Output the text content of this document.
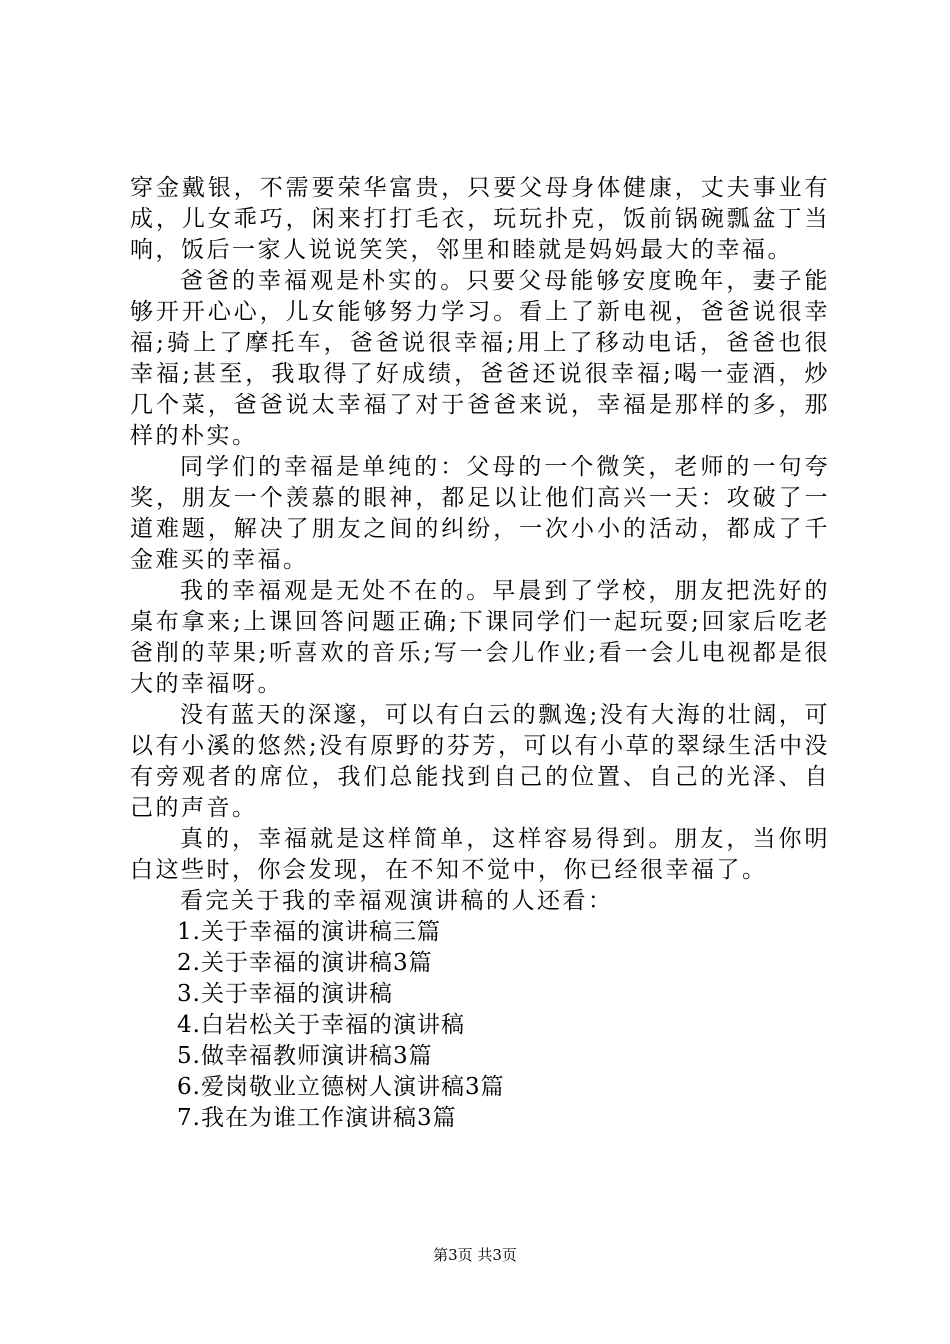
穿金戴银，不需要荣华富贵，只要父母身体健康，丈夫事业有成，儿女乖巧，闲来打打毛衣，玩玩扑克，饭前锅碗瓢盆丁当响，饭后一家人说说笑笑，邻里和睦就是妈妈最大的幸福。

爸爸的幸福观是朴实的。只要父母能够安度晚年，妻子能够开开心心，儿女能够努力学习。看上了新电视，爸爸说很幸福;骑上了摩托车，爸爸说很幸福;用上了移动电话，爸爸也很幸福;甚至，我取得了好成绩，爸爸还说很幸福;喝一壶酒，炒几个菜，爸爸说太幸福了对于爸爸来说，幸福是那样的多，那样的朴实。

同学们的幸福是单纯的：父母的一个微笑，老师的一句夸奖，朋友一个羡慕的眼神，都足以让他们高兴一天：攻破了一道难题，解决了朋友之间的纠纷，一次小小的活动，都成了千金难买的幸福。

我的幸福观是无处不在的。早晨到了学校，朋友把洗好的桌布拿来;上课回答问题正确;下课同学们一起玩耍;回家后吃老爸削的苹果;听喜欢的音乐;写一会儿作业;看一会儿电视都是很大的幸福呀。

没有蓝天的深邃，可以有白云的飘逸;没有大海的壮阔，可以有小溪的悠然;没有原野的芬芳，可以有小草的翠绿生活中没有旁观者的席位，我们总能找到自己的位置、自己的光泽、自己的声音。

真的，幸福就是这样简单，这样容易得到。朋友，当你明白这些时，你会发现，在不知不觉中，你已经很幸福了。

看完关于我的幸福观演讲稿的人还看：

1.关于幸福的演讲稿三篇
2.关于幸福的演讲稿3篇
3.关于幸福的演讲稿
4.白岩松关于幸福的演讲稿
5.做幸福教师演讲稿3篇
6.爱岗敬业立德树人演讲稿3篇
7.我在为谁工作演讲稿3篇
第3页 共3页
